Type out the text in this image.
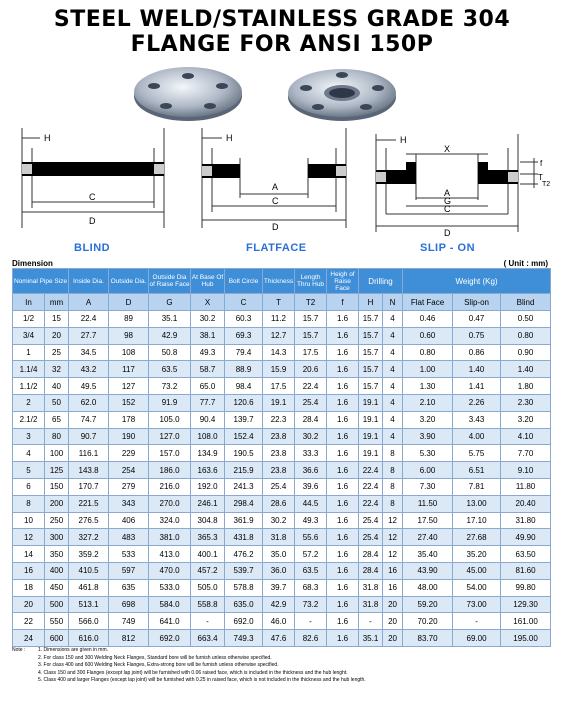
STEEL WELD/STAINLESS GRADE 304
FLANGE FOR ANSI 150P
H
C
D
H
A
C
D
H
X
f
T
T2
A
G
C
D
BLIND	FLATFACE	SLIP - ON
Dimension	( Unit : mm)
Nominal Pipe Size		Inside Dia.	Outside Dia.	Outside Dia of Raise Face	At Base Of Hub	Bolt Circle	Thickness	Length Thru Hub	Heigh of Raise Face	Drilling		Weight (Kg)		
In	mm	A	D	G	X	C	T	T2	f	H	N	Flat Face	Slip-on	Blind
1/2	15	22.4	89	35.1	30.2	60.3	11.2	15.7	1.6	15.7	4	0.46	0.47	0.50
3/4	20	27.7	98	42.9	38.1	69.3	12.7	15.7	1.6	15.7	4	0.60	0.75	0.80
1	25	34.5	108	50.8	49.3	79.4	14.3	17.5	1.6	15.7	4	0.80	0.86	0.90
1.1/4	32	43.2	117	63.5	58.7	88.9	15.9	20.6	1.6	15.7	4	1.00	1.40	1.40
1.1/2	40	49.5	127	73.2	65.0	98.4	17.5	22.4	1.6	15.7	4	1.30	1.41	1.80
2	50	62.0	152	91.9	77.7	120.6	19.1	25.4	1.6	19.1	4	2.10	2.26	2.30
2.1/2	65	74.7	178	105.0	90.4	139.7	22.3	28.4	1.6	19.1	4	3.20	3.43	3.20
3	80	90.7	190	127.0	108.0	152.4	23.8	30.2	1.6	19.1	4	3.90	4.00	4.10
4	100	116.1	229	157.0	134.9	190.5	23.8	33.3	1.6	19.1	8	5.30	5.75	7.70
5	125	143.8	254	186.0	163.6	215.9	23.8	36.6	1.6	22.4	8	6.00	6.51	9.10
6	150	170.7	279	216.0	192.0	241.3	25.4	39.6	1.6	22.4	8	7.30	7.81	11.80
8	200	221.5	343	270.0	246.1	298.4	28.6	44.5	1.6	22.4	8	11.50	13.00	20.40
10	250	276.5	406	324.0	304.8	361.9	30.2	49.3	1.6	25.4	12	17.50	17.10	31.80
12	300	327.2	483	381.0	365.3	431.8	31.8	55.6	1.6	25.4	12	27.40	27.68	49.90
14	350	359.2	533	413.0	400.1	476.2	35.0	57.2	1.6	28.4	12	35.40	35.20	63.50
16	400	410.5	597	470.0	457.2	539.7	36.0	63.5	1.6	28.4	16	43.90	45.00	81.60
18	450	461.8	635	533.0	505.0	578.8	39.7	68.3	1.6	31.8	16	48.00	54.00	99.80
20	500	513.1	698	584.0	558.8	635.0	42.9	73.2	1.6	31.8	20	59.20	73.00	129.30
22	550	566.0	749	641.0	-	692.0	46.0	-	1.6	-	20	70.20	-	161.00
24	600	616.0	812	692.0	663.4	749.3	47.6	82.6	1.6	35.1	20	83.70	69.00	195.00
Note :	1. Dimensions are given in mm.
2. For class 150 and 300 Welding Neck Flanges, Standard bore will be furnish unless otherwise specified.
3. For class 400 and 600 Welding Neck Flanges, Extra-strong bore will be furnish unless otherwise specified.
4. Class 150 and 300 Flanges (except lap joint) will be furnished with 0.06 raised face, which is included in the thickness and the hub lenght.
5. Class 400 and larger Flanges (except lap joint) will be furnished with 0.25 in raised face, which is not included in the thickness and the hub length.
